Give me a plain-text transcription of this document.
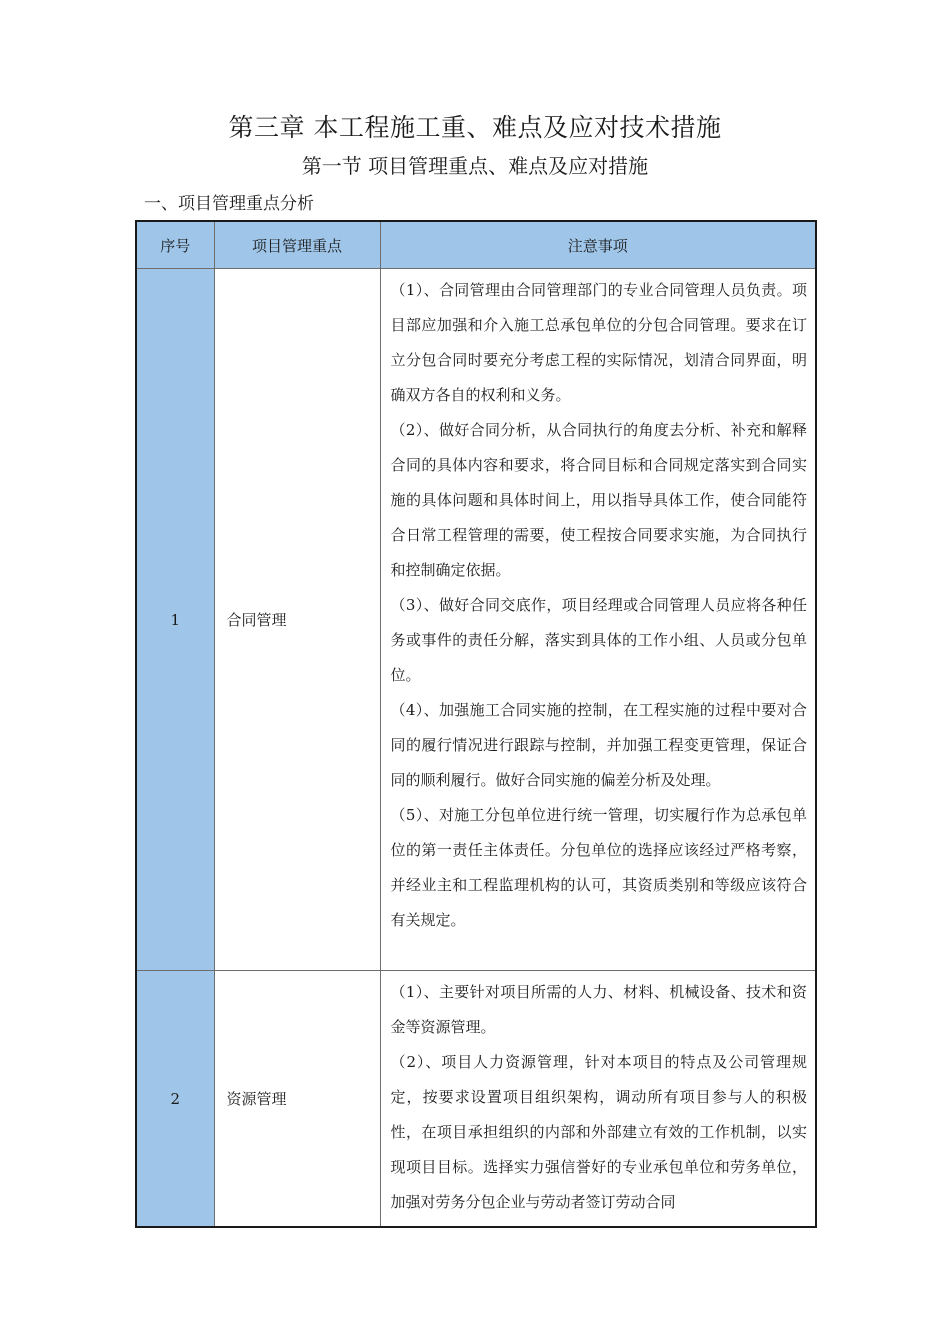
第三章 本工程施工重、难点及应对技术措施
第一节 项目管理重点、难点及应对措施
一、项目管理重点分析
序号	项目管理重点	注意事项
1	合同管理	（1）、合同管理由合同管理部门的专业合同管理人员负责。项目部应加强和介入施工总承包单位的分包合同管理。要求在订立分包合同时要充分考虑工程的实际情况，划清合同界面，明确双方各自的权利和义务。

（2）、做好合同分析，从合同执行的角度去分析、补充和解释合同的具体内容和要求，将合同目标和合同规定落实到合同实施的具体问题和具体时间上，用以指导具体工作，使合同能符合日常工程管理的需要，使工程按合同要求实施，为合同执行和控制确定依据。

（3）、做好合同交底作，项目经理或合同管理人员应将各种任务或事件的责任分解，落实到具体的工作小组、人员或分包单位。

（4）、加强施工合同实施的控制，在工程实施的过程中要对合同的履行情况进行跟踪与控制，并加强工程变更管理，保证合同的顺利履行。做好合同实施的偏差分析及处理。

（5）、对施工分包单位进行统一管理，切实履行作为总承包单位的第一责任主体责任。分包单位的选择应该经过严格考察，并经业主和工程监理机构的认可，其资质类别和等级应该符合有关规定。

2	资源管理	（1）、主要针对项目所需的人力、材料、机械设备、技术和资金等资源管理。

（2）、项目人力资源管理，针对本项目的特点及公司管理规定，按要求设置项目组织架构，调动所有项目参与人的积极性，在项目承担组织的内部和外部建立有效的工作机制，以实现项目目标。选择实力强信誉好的专业承包单位和劳务单位，加强对劳务分包企业与劳动者签订劳动合同
